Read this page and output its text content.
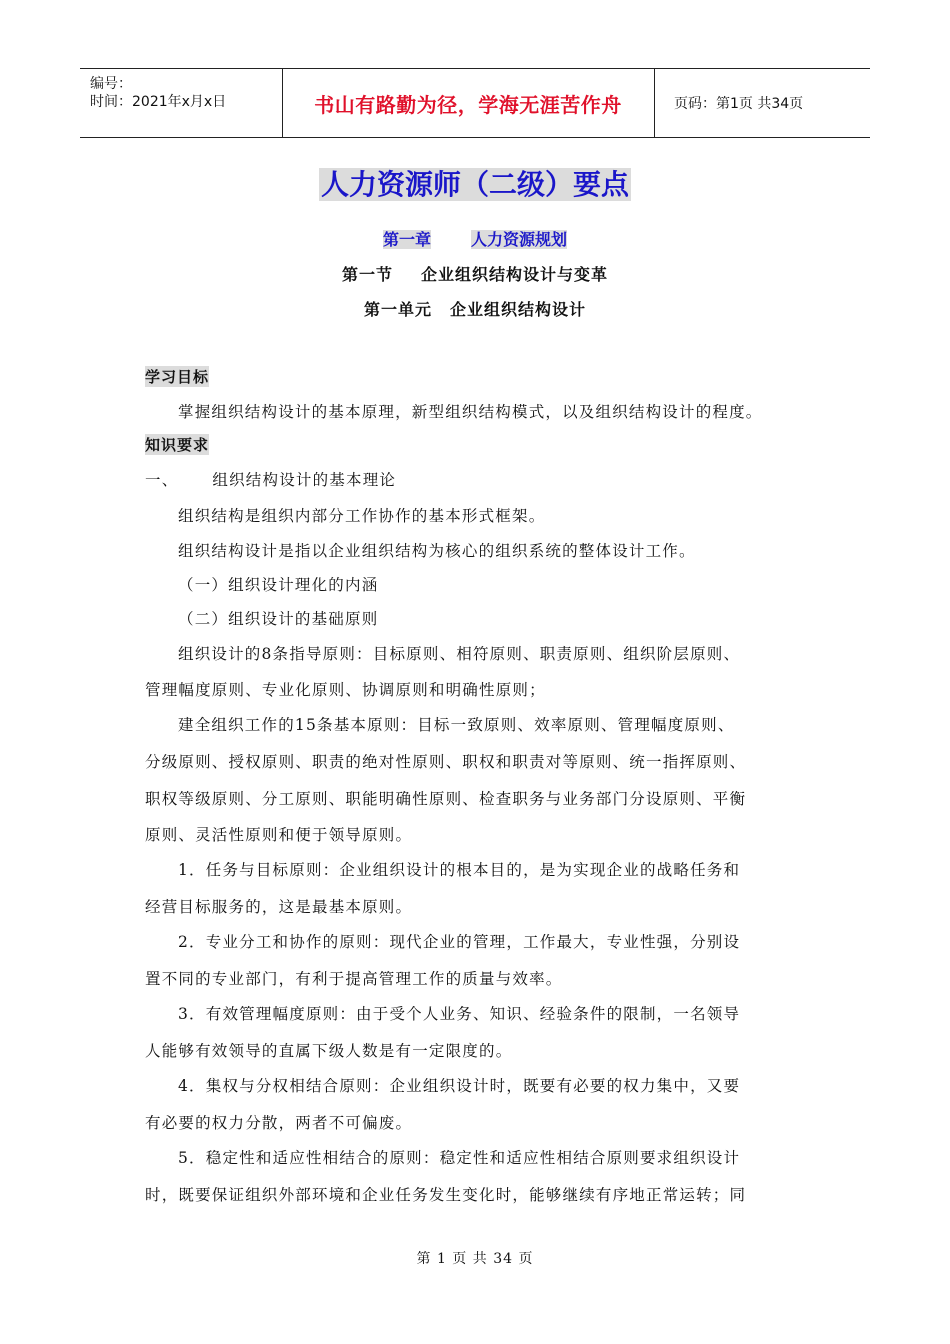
编号：
时间：2021年x月x日	书山有路勤为径，学海无涯苦作舟	页码：第1页 共34页
人力资源师（二级）要点
第一章	人力资源规划
第一节 企业组织结构设计与变革
第一单元 企业组织结构设计
学习目标
掌握组织结构设计的基本原理，新型组织结构模式，以及组织结构设计的程度。
知识要求
一、 组织结构设计的基本理论
组织结构是组织内部分工作协作的基本形式框架。
组织结构设计是指以企业组织结构为核心的组织系统的整体设计工作。
（一）组织设计理化的内涵
（二）组织设计的基础原则
组织设计的8条指导原则：目标原则、相符原则、职责原则、组织阶层原则、
管理幅度原则、专业化原则、协调原则和明确性原则；
建全组织工作的15条基本原则：目标一致原则、效率原则、管理幅度原则、
分级原则、授权原则、职责的绝对性原则、职权和职责对等原则、统一指挥原则、
职权等级原则、分工原则、职能明确性原则、检查职务与业务部门分设原则、平衡
原则、灵活性原则和便于领导原则。
1．任务与目标原则：企业组织设计的根本目的，是为实现企业的战略任务和
经营目标服务的，这是最基本原则。
2．专业分工和协作的原则：现代企业的管理，工作最大，专业性强，分别设
置不同的专业部门，有利于提高管理工作的质量与效率。
3．有效管理幅度原则：由于受个人业务、知识、经验条件的限制，一名领导
人能够有效领导的直属下级人数是有一定限度的。
4．集权与分权相结合原则：企业组织设计时，既要有必要的权力集中，又要
有必要的权力分散，两者不可偏废。
5．稳定性和适应性相结合的原则：稳定性和适应性相结合原则要求组织设计
时，既要保证组织外部环境和企业任务发生变化时，能够继续有序地正常运转；同
第 1 页 共 34 页
